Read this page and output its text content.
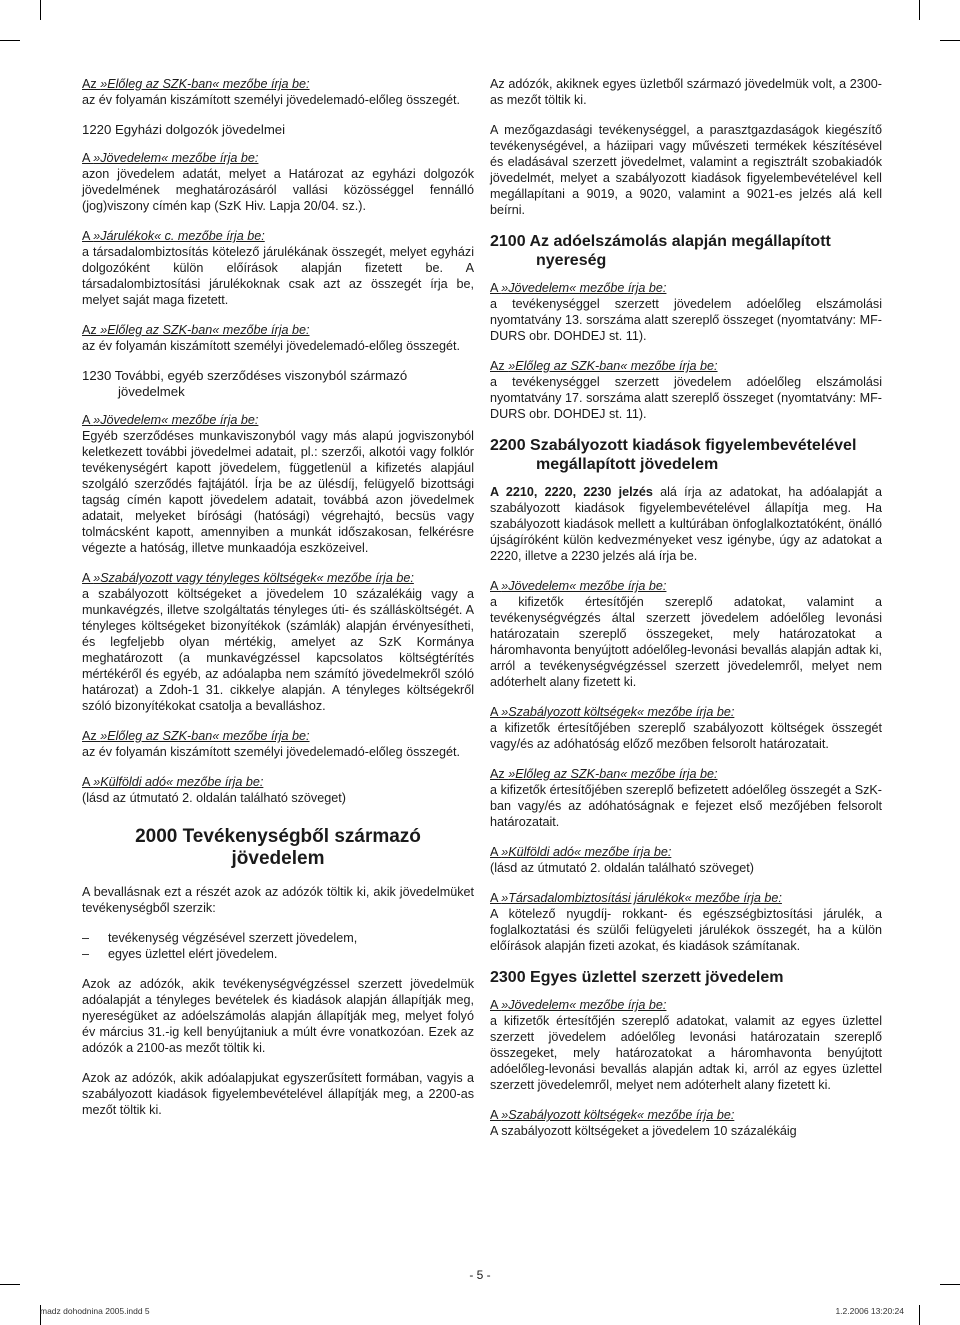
Az »Előleg az SZK-ban« mezőbe írja be:
az év folyamán kiszámított személyi jövedelemadó-előleg összegét.
1220 Egyházi dolgozók jövedelmei
A »Jövedelem« mezőbe írja be:
azon jövedelem adatát, melyet a Határozat az egyházi dolgozók jövedelmének meghatározásáról vallási közösséggel fennálló (jog)viszony címén kap (SzK Hiv. Lapja 20/04. sz.).
A »Járulékok« c. mezőbe írja be:
a társadalombiztosítás kötelező járulékának összegét, melyet egyházi dolgozóként külön előírások alapján fizetett be. A társadalombiztosítási járulékoknak csak azt az összegét írja be, melyet saját maga fizetett.
Az »Előleg az SZK-ban« mezőbe írja be:
az év folyamán kiszámított személyi jövedelemadó-előleg összegét.
1230 További, egyéb szerződéses viszonyból származó
jövedelmek
A »Jövedelem« mezőbe írja be:
Egyéb szerződéses munkaviszonyból vagy más alapú jogviszonyból keletkezett további jövedelmei adatait, pl.: szerzői, alkotói vagy folklór tevékenységért kapott jövedelem, függetlenül a kifizetés alapjául szolgáló szerződés fajtájától. Írja be az ülésdíj, felügyelő bizottsági tagság címén kapott jövedelem adatait, továbbá azon jövedelmek adatait, melyeket bírósági (hatósági) végrehajtó, becsüs vagy tolmácsként kapott, amennyiben a munkát időszakosan, felkérésre végezte a hatóság, illetve munkaadója eszközeivel.
A »Szabályozott vagy tényleges költségek« mezőbe írja be:
a szabályozott költségeket a jövedelem 10 százalékáig vagy a munkavégzés, illetve szolgáltatás tényleges úti- és szállásköltségét. A tényleges költségeket bizonyítékok (számlák) alapján érvényesítheti, és legfeljebb olyan mértékig, amelyet az SzK Kormánya meghatározott (a munkavégzéssel kapcsolatos költségtérítés mértékéről és egyéb, az adóalapba nem számító jövedelmekről szóló határozat) a Zdoh-1 31. cikkelye alapján. A tényleges költségekről szóló bizonyítékokat csatolja a bevalláshoz.
Az »Előleg az SZK-ban« mezőbe írja be:
az év folyamán kiszámított személyi jövedelemadó-előleg összegét.
A »Külföldi adó« mezőbe írja be:
(lásd az útmutató 2. oldalán található szöveget)
2000 Tevékenységből származó
jövedelem
A bevallásnak ezt a részét azok az adózók töltik ki, akik jövedelmüket tevékenységből szerzik:
– tevékenység végzésével szerzett jövedelem,
– egyes üzlettel elért jövedelem.
Azok az adózók, akik tevékenységvégzéssel szerzett jövedelmük adóalapját a tényleges bevételek és kiadások alapján állapítják meg, nyereségüket az adóelszámolás alapján állapítják meg, melyet folyó év március 31.-ig kell benyújtaniuk a múlt évre vonatkozóan. Ezek az adózók a 2100-as mezőt töltik ki.
Azok az adózók, akik adóalapjukat egyszerűsített formában, vagyis a szabályozott kiadások figyelembevételével állapítják meg, a 2200-as mezőt töltik ki.
Az adózók, akiknek egyes üzletből származó jövedelmük volt, a 2300-as mezőt töltik ki.
A mezőgazdasági tevékenységgel, a parasztgazdaságok kiegészítő tevékenységével, a háziipari vagy művészeti termékek készítésével és eladásával szerzett jövedelmet, valamint a regisztrált szobakiadók jövedelmét, melyet a szabályozott kiadások figyelembevételével kell megállapítani a 9019, a 9020, valamint a 9021-es jelzés alá kell beírni.
2100 Az adóelszámolás alapján megállapított
nyereség
A »Jövedelem« mezőbe írja be:
a tevékenységgel szerzett jövedelem adóelőleg elszámolási nyomtatvány 13. sorszáma alatt szereplő összeget (nyomtatvány: MF-DURS obr. DOHDEJ st. 11).
Az »Előleg az SZK-ban« mezőbe írja be:
a tevékenységgel szerzett jövedelem adóelőleg elszámolási nyomtatvány 17. sorszáma alatt szereplő összeget (nyomtatvány: MF-DURS obr. DOHDEJ st. 11).
2200 Szabályozott kiadások figyelembevételével
megállapított jövedelem
A 2210, 2220, 2230 jelzés alá írja az adatokat, ha adóalapját a szabályozott kiadások figyelembevételével állapítja meg. Ha szabályozott kiadások mellett a kultúrában önfoglalkoztatóként, önálló újságíróként külön kedvezményeket vesz igénybe, úgy az adatokat a 2220, illetve a 2230 jelzés alá írja be.
A »Jövedelem« mezőbe írja be:
a kifizetők értesítőjén szereplő adatokat, valamint a tevékenységvégzés által szerzett jövedelem adóelőleg levonási határozatain szereplő összegeket, mely határozatokat a háromhavonta benyújtott adóelőleg-levonási bevallás alapján adtak ki, arról a tevékenységvégzéssel szerzett jövedelemről, melyet nem adóterhelt alany fizetett ki.
A »Szabályozott költségek« mezőbe írja be:
a kifizetők értesítőjében szereplő szabályozott költségek összegét vagy/és az adóhatóság előző mezőben felsorolt határozatait.
Az »Előleg az SZK-ban« mezőbe írja be:
a kifizetők értesítőjében szereplő befizetett adóelőleg összegét a SzK-ban vagy/és az adóhatóságnak e fejezet első mezőjében felsorolt határozatait.
A »Külföldi adó« mezőbe írja be:
(lásd az útmutató 2. oldalán található szöveget)
A »Társadalombiztosítási járulékok« mezőbe írja be:
A kötelező nyugdíj- rokkant- és egészségbiztosítási járulék, a foglalkoztatási és szülői felügyeleti járulékok összegét, ha a külön előírások alapján fizeti azokat, és kiadások számítanak.
2300 Egyes üzlettel szerzett jövedelem
A »Jövedelem« mezőbe írja be:
a kifizetők értesítőjén szereplő adatokat, valamit az egyes üzlettel szerzett jövedelem adóelőleg levonási határozatain szereplő összegeket, mely határozatokat a háromhavonta benyújtott adóelőleg-levonási bevallás alapján adtak ki, arról az egyes üzlettel szerzett jövedelemről, melyet nem adóterhelt alany fizetett ki.
A »Szabályozott költségek« mezőbe írja be:
A szabályozott költségeket a jövedelem 10 százalékáig
- 5 -
madz dohodnina 2005.indd 5	1.2.2006 13:20:24
